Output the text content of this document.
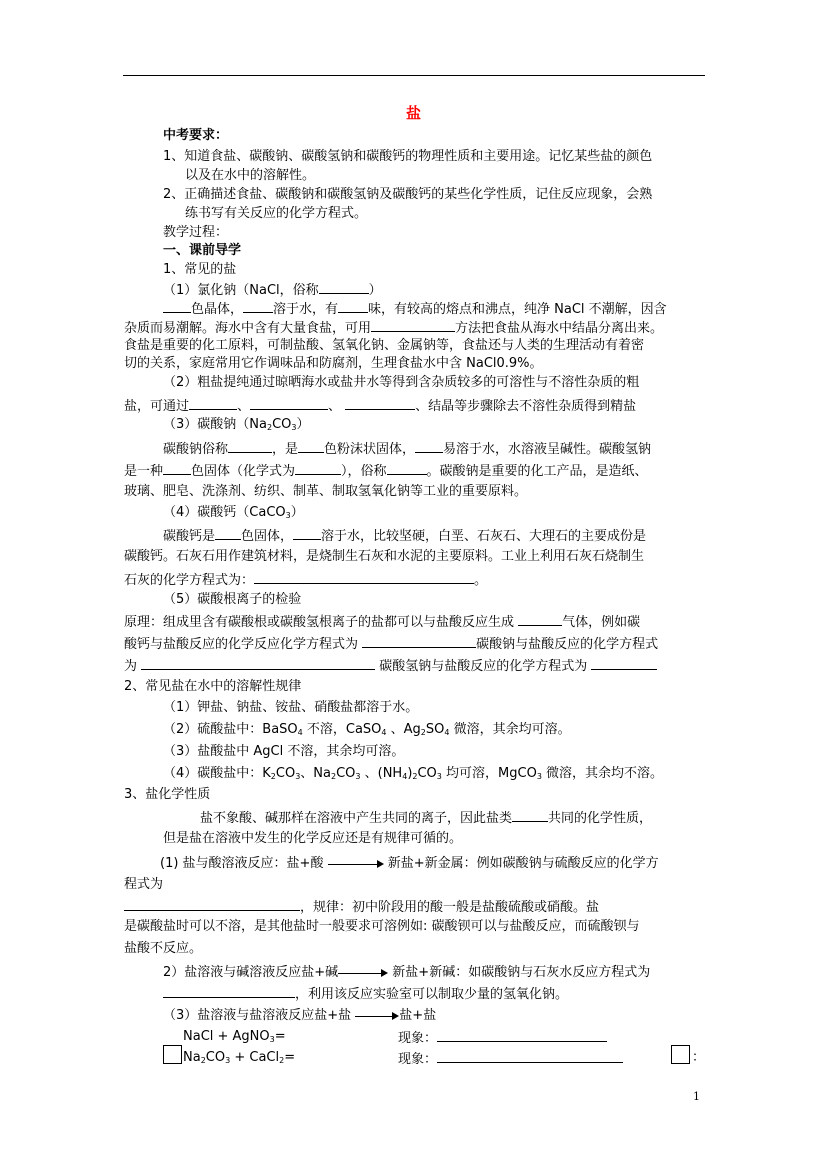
盐
中考要求：
1、知道食盐、碳酸钠、碳酸氢钠和碳酸钙的物理性质和主要用途。记忆某些盐的颜色
以及在水中的溶解性。
2、正确描述食盐、碳酸钠和碳酸氢钠及碳酸钙的某些化学性质，记住反应现象，会熟
练书写有关反应的化学方程式。
教学过程：
一、课前导学
1、常见的盐
（1）氯化钠（NaCl，俗称	）
色晶体， 溶于水，有 味，有较高的熔点和沸点，纯净 NaCl 不潮解，因含
杂质而易潮解。海水中含有大量食盐，可用	方法把食盐从海水中结晶分离出来。
食盐是重要的化工原料，可制盐酸、氢氧化钠、金属钠等，食盐还与人类的生理活动有着密
切的关系，家庭常用它作调味品和防腐剂，生理食盐水中含 NaCl0.9%。
（2）粗盐提纯通过晾晒海水或盐井水等得到含杂质较多的可溶性与不溶性杂质的粗
盐，可通过	、	、	、结晶等步骤除去不溶性杂质得到精盐
（3）碳酸钠$(Na_2CO_3)$
碳酸钠俗称	，是 色粉沫状固体， 易溶于水，水溶液呈碱性。碳酸氢钠
是一种 色固体（化学式为	），俗称	。碳酸钠是重要的化工产品，是造纸、
玻璃、肥皂、洗涤剂、纺织、制革、制取氢氧化钠等工业的重要原料。
（4）碳酸钙（CaCO$_3$）
碳酸钙是 色固体， 溶于水，比较坚硬，白垩、石灰石、大理石的主要成份是
碳酸钙。石灰石用作建筑材料，是烧制生石灰和水泥的主要原料。工业上利用石灰石烧制生
石灰的化学方程式为：	。
（5）碳酸根离子的检验
原理：组成里含有碳酸根或碳酸氢根离子的盐都可以与盐酸反应生成	气体，例如碳
酸钙与盐酸反应的化学反应化学方程式为	碳酸钠与盐酸反应的化学方程式
为	碳酸氢钠与盐酸反应的化学方程式为
2、常见盐在水中的溶解性规律
（1）钾盐、钠盐、铵盐、硝酸盐都溶于水。
（2）硫酸盐中：BaSO$_4$ 不溶，CaSO$_4$ 、$Ag_2SO_4$ 微溶，其余均可溶。
（3）盐酸盐中 AgCl 不溶，其余均可溶。
（4）碳酸盐中：$K_2CO_3$、$Na_2CO_3$ 、$(NH_4)_2CO_3$ 均可溶，MgCO$_3$ 微溶，其余均不溶。
3、盐化学性质
盐不象酸、碱那样在溶液中产生共同的离子，因此盐类	共同的化学性质，
但是盐在溶液中发生的化学反应还是有规律可循的。
(1) 盐与酸溶液反应：盐+酸	新盐+新金属：例如碳酸钠与硫酸反应的化学方
程式为
，规律：初中阶段用的酸一般是盐酸硫酸或硝酸。盐
是碳酸盐时可以不溶，是其他盐时一般要求可溶例如: 碳酸钡可以与盐酸反应，而硫酸钡与
盐酸不反应。
2）盐溶液与碱溶液反应盐+碱	新盐+新碱：如碳酸钠与石灰水反应方程式为
，利用该反应实验室可以制取少量的氢氧化钠。
（3）盐溶液与盐溶液反应盐+盐	盐+盐
NaCl + AgNO$_3$=	现象：
$Na_2CO_3$ + CaCl$_2$=	现象：	：
1
